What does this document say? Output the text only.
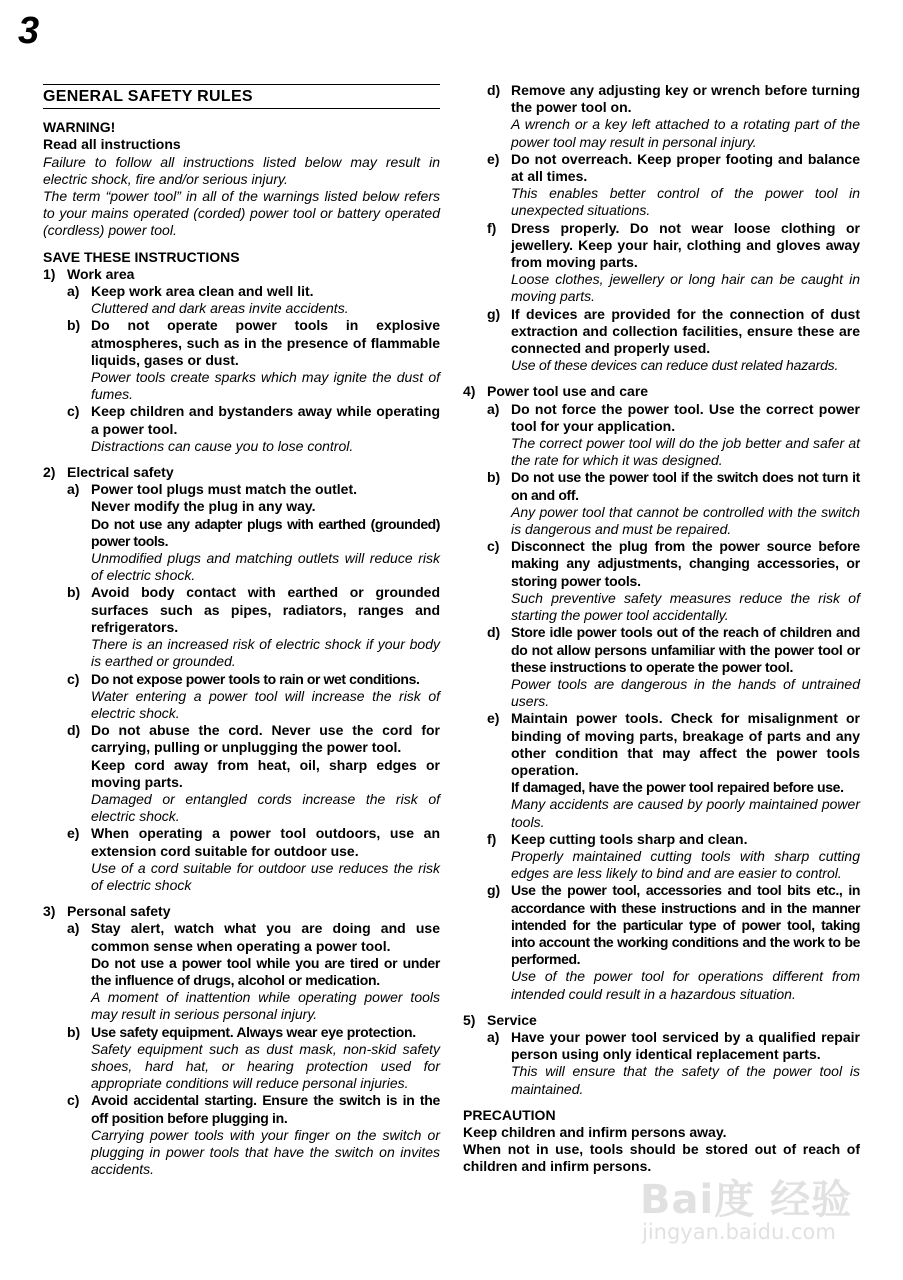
3
GENERAL SAFETY RULES
WARNING!
Read all instructions
Failure to follow all instructions listed below may result in electric shock, fire and/or serious injury.
The term “power tool” in all of the warnings listed below refers to your mains operated (corded) power tool or battery operated (cordless) power tool.
SAVE THESE INSTRUCTIONS
1) Work area
a) Keep work area clean and well lit.
Cluttered and dark areas invite accidents.
b) Do not operate power tools in explosive atmospheres, such as in the presence of flammable liquids, gases or dust.
Power tools create sparks which may ignite the dust of fumes.
c) Keep children and bystanders away while operating a power tool.
Distractions can cause you to lose control.
2) Electrical safety
a) Power tool plugs must match the outlet.
Never modify the plug in any way.
Do not use any adapter plugs with earthed (grounded) power tools.
Unmodified plugs and matching outlets will reduce risk of electric shock.
b) Avoid body contact with earthed or grounded surfaces such as pipes, radiators, ranges and refrigerators.
There is an increased risk of electric shock if your body is earthed or grounded.
c) Do not expose power tools to rain or wet conditions.
Water entering a power tool will increase the risk of electric shock.
d) Do not abuse the cord. Never use the cord for carrying, pulling or unplugging the power tool.
Keep cord away from heat, oil, sharp edges or moving parts.
Damaged or entangled cords increase the risk of electric shock.
e) When operating a power tool outdoors, use an extension cord suitable for outdoor use.
Use of a cord suitable for outdoor use reduces the risk of electric shock
3) Personal safety
a) Stay alert, watch what you are doing and use common sense when operating a power tool.
Do not use a power tool while you are tired or under the influence of drugs, alcohol or medication.
A moment of inattention while operating power tools may result in serious personal injury.
b) Use safety equipment. Always wear eye protection.
Safety equipment such as dust mask, non-skid safety shoes, hard hat, or hearing protection used for appropriate conditions will reduce personal injuries.
c) Avoid accidental starting. Ensure the switch is in the off position before plugging in.
Carrying power tools with your finger on the switch or plugging in power tools that have the switch on invites accidents.
d) Remove any adjusting key or wrench before turning the power tool on.
A wrench or a key left attached to a rotating part of the power tool may result in personal injury.
e) Do not overreach. Keep proper footing and balance at all times.
This enables better control of the power tool in unexpected situations.
f)	Dress properly. Do not wear loose clothing or jewellery. Keep your hair, clothing and gloves away from moving parts.
Loose clothes, jewellery or long hair can be caught in moving parts.
g) If devices are provided for the connection of dust extraction and collection facilities, ensure these are connected and properly used.
Use of these devices can reduce dust related hazards.
4) Power tool use and care
a) Do not force the power tool. Use the correct power tool for your application.
The correct power tool will do the job better and safer at the rate for which it was designed.
b) Do not use the power tool if the switch does not turn it on and off.
Any power tool that cannot be controlled with the switch is dangerous and must be repaired.
c) Disconnect the plug from the power source before making any adjustments, changing accessories, or storing power tools.
Such preventive safety measures reduce the risk of starting the power tool accidentally.
d) Store idle power tools out of the reach of children and do not allow persons unfamiliar with the power tool or these instructions to operate the power tool.
Power tools are dangerous in the hands of untrained users.
e) Maintain power tools. Check for misalignment or binding of moving parts, breakage of parts and any other condition that may affect the power tools operation.
If damaged, have the power tool repaired before use.
Many accidents are caused by poorly maintained power tools.
f)	Keep cutting tools sharp and clean.
Properly maintained cutting tools with sharp cutting edges are less likely to bind and are easier to control.
g) Use the power tool, accessories and tool bits etc., in accordance with these instructions and in the manner intended for the particular type of power tool, taking into account the working conditions and the work to be performed.
Use of the power tool for operations different from intended could result in a hazardous situation.
5) Service
a) Have your power tool serviced by a qualified repair person using only identical replacement parts.
This will ensure that the safety of the power tool is maintained.
PRECAUTION
Keep children and infirm persons away.
When not in use, tools should be stored out of reach of children and infirm persons.
Bai度 经验
jingyan.baidu.com
